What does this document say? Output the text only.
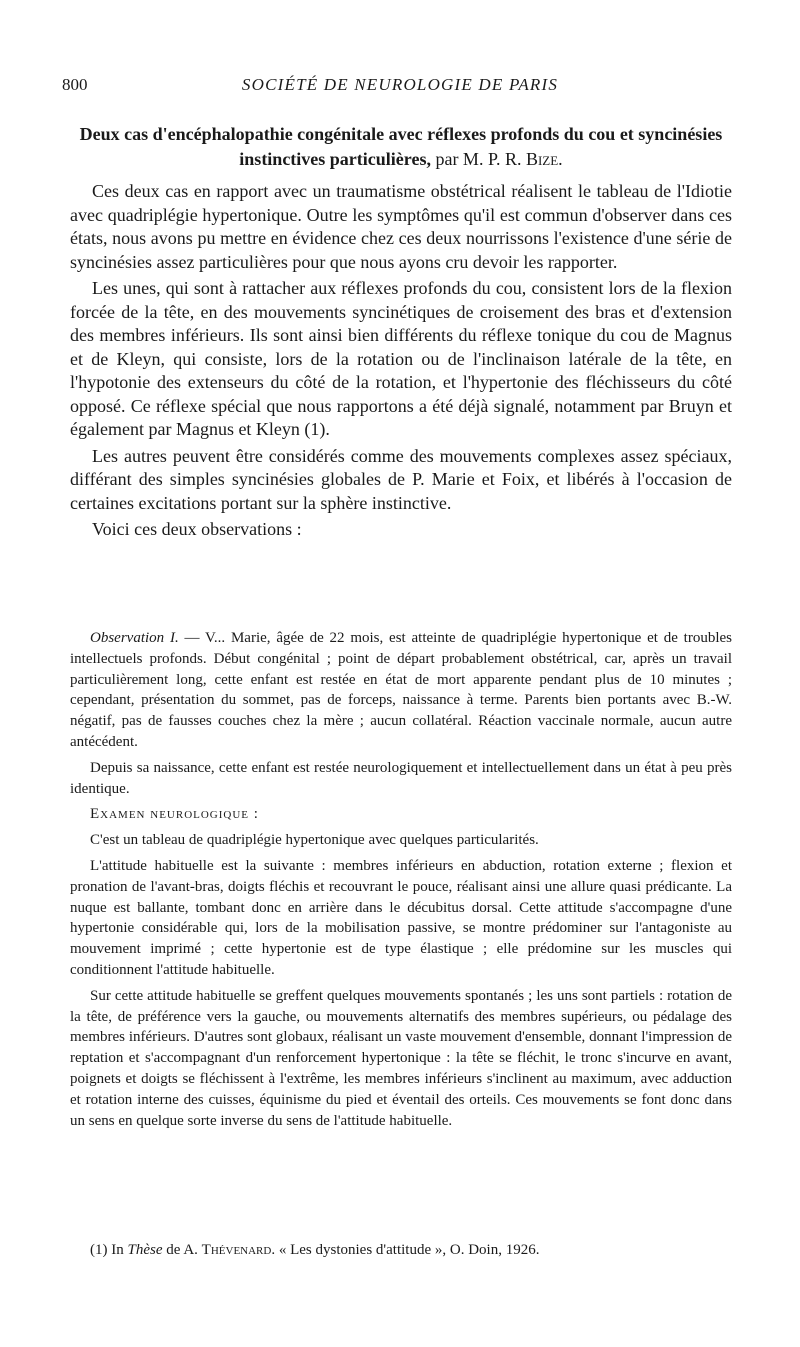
800	SOCIÉTÉ DE NEUROLOGIE DE PARIS
Deux cas d'encéphalopathie congénitale avec réflexes profonds du cou et syncinésies instinctives particulières, par M. P. R. Bize.

Ces deux cas en rapport avec un traumatisme obstétrical réalisent le tableau de l'Idiotie avec quadriplégie hypertonique. Outre les symptômes qu'il est commun d'observer dans ces états, nous avons pu mettre en évidence chez ces deux nourrissons l'existence d'une série de syncinésies assez particulières pour que nous ayons cru devoir les rapporter.

Les unes, qui sont à rattacher aux réflexes profonds du cou, consistent lors de la flexion forcée de la tête, en des mouvements syncinétiques de croisement des bras et d'extension des membres inférieurs. Ils sont ainsi bien différents du réflexe tonique du cou de Magnus et de Kleyn, qui consiste, lors de la rotation ou de l'inclinaison latérale de la tête, en l'hypotonie des extenseurs du côté de la rotation, et l'hypertonie des fléchisseurs du côté opposé. Ce réflexe spécial que nous rapportons a été déjà signalé, notamment par Bruyn et également par Magnus et Kleyn (1).

Les autres peuvent être considérés comme des mouvements complexes assez spéciaux, différant des simples syncinésies globales de P. Marie et Foix, et libérés à l'occasion de certaines excitations portant sur la sphère instinctive.

Voici ces deux observations :

Observation I. — V... Marie, âgée de 22 mois, est atteinte de quadriplégie hypertonique et de troubles intellectuels profonds. Début congénital ; point de départ probablement obstétrical, car, après un travail particulièrement long, cette enfant est restée en état de mort apparente pendant plus de 10 minutes ; cependant, présentation du sommet, pas de forceps, naissance à terme. Parents bien portants avec B.-W. négatif, pas de fausses couches chez la mère ; aucun collatéral. Réaction vaccinale normale, aucun autre antécédent.

Depuis sa naissance, cette enfant est restée neurologiquement et intellectuellement dans un état à peu près identique.

Examen neurologique :

C'est un tableau de quadriplégie hypertonique avec quelques particularités.

L'attitude habituelle est la suivante : membres inférieurs en abduction, rotation externe ; flexion et pronation de l'avant-bras, doigts fléchis et recouvrant le pouce, réalisant ainsi une allure quasi prédicante. La nuque est ballante, tombant donc en arrière dans le décubitus dorsal. Cette attitude s'accompagne d'une hypertonie considérable qui, lors de la mobilisation passive, se montre prédominer sur l'antagoniste au mouvement imprimé ; cette hypertonie est de type élastique ; elle prédomine sur les muscles qui conditionnent l'attitude habituelle.

Sur cette attitude habituelle se greffent quelques mouvements spontanés ; les uns sont partiels : rotation de la tête, de préférence vers la gauche, ou mouvements alternatifs des membres supérieurs, ou pédalage des membres inférieurs. D'autres sont globaux, réalisant un vaste mouvement d'ensemble, donnant l'impression de reptation et s'accompagnant d'un renforcement hypertonique : la tête se fléchit, le tronc s'incurve en avant, poignets et doigts se fléchissent à l'extrême, les membres inférieurs s'inclinent au maximum, avec adduction et rotation interne des cuisses, équinisme du pied et éventail des orteils. Ces mouvements se font donc dans un sens en quelque sorte inverse du sens de l'attitude habituelle.

(1) In Thèse de A. Thévenard. « Les dystonies d'attitude », O. Doin, 1926.
